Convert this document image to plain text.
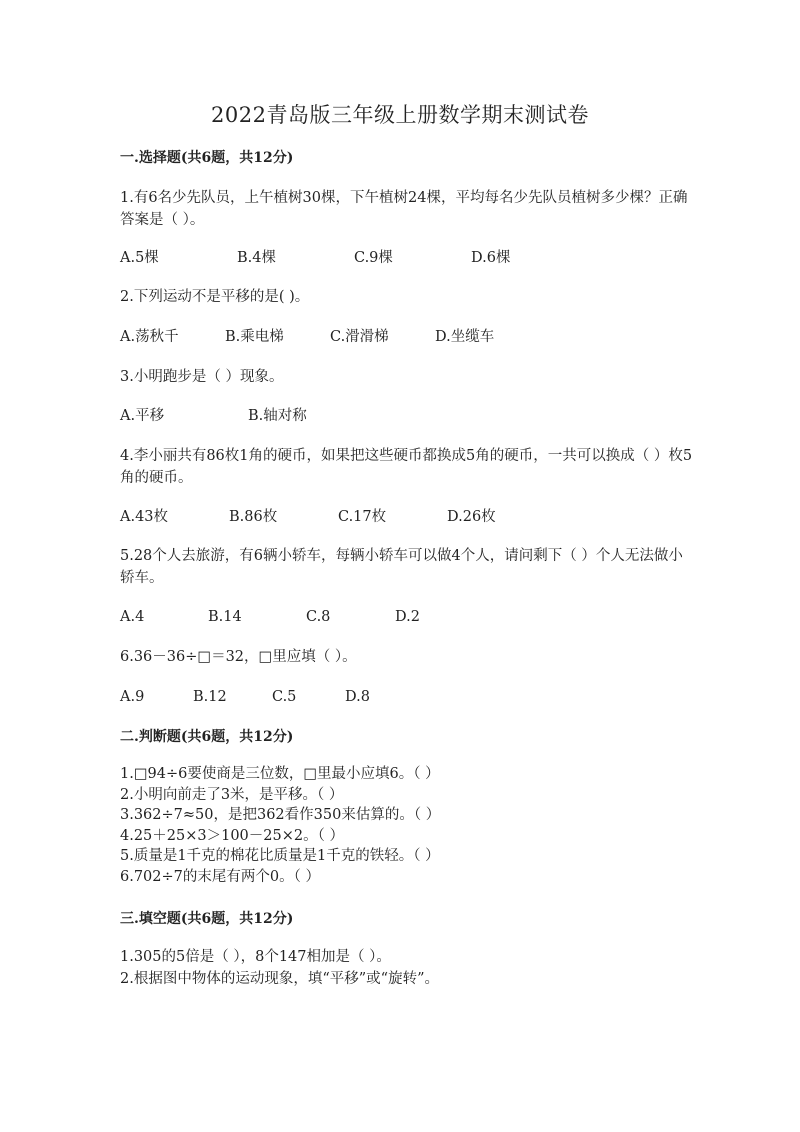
2022青岛版三年级上册数学期末测试卷
一.选择题(共6题，共12分)
1.有6名少先队员，上午植树30棵，下午植树24棵，平均每名少先队员植树多少棵？正确答案是（ ）。
A.5棵	B.4棵	C.9棵	D.6棵
2.下列运动不是平移的是( )。
A.荡秋千	B.乘电梯	C.滑滑梯	D.坐缆车
3.小明跑步是（ ）现象。
A.平移	B.轴对称
4.李小丽共有86枚1角的硬币，如果把这些硬币都换成5角的硬币，一共可以换成（ ）枚5角的硬币。
A.43枚	B.86枚	C.17枚	D.26枚
5.28个人去旅游，有6辆小轿车，每辆小轿车可以做4个人，请问剩下（ ）个人无法做小轿车。
A.4	B.14	C.8	D.2
6.36－36÷□＝32，□里应填（ ）。
A.9	B.12	C.5	D.8
二.判断题(共6题，共12分)
1.□94÷6要使商是三位数，□里最小应填6。（ ）
2.小明向前走了3米，是平移。（ ）
3.362÷7≈50，是把362看作350来估算的。（ ）
4.25＋25×3＞100－25×2。（ ）
5.质量是1千克的棉花比质量是1千克的铁轻。（ ）
6.702÷7的末尾有两个0。（ ）
三.填空题(共6题，共12分)
1.305的5倍是（ ），8个147相加是（ ）。
2.根据图中物体的运动现象，填“平移”或“旋转”。
